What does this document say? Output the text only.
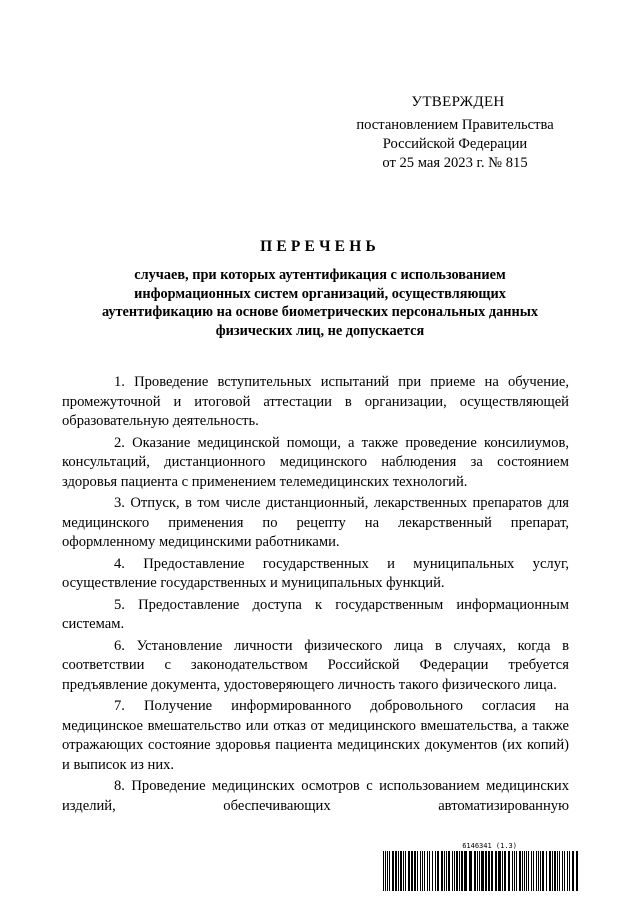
УТВЕРЖДЕН
постановлением Правительства
Российской Федерации
от 25 мая 2023 г. № 815
ПЕРЕЧЕНЬ
случаев, при которых аутентификация с использованием информационных систем организаций, осуществляющих аутентификацию на основе биометрических персональных данных физических лиц, не допускается

1. Проведение вступительных испытаний при приеме на обучение, промежуточной и итоговой аттестации в организации, осуществляющей образовательную деятельность.

2. Оказание медицинской помощи, а также проведение консилиумов, консультаций, дистанционного медицинского наблюдения за состоянием здоровья пациента с применением телемедицинских технологий.

3. Отпуск, в том числе дистанционный, лекарственных препаратов для медицинского применения по рецепту на лекарственный препарат, оформленному медицинскими работниками.

4. Предоставление государственных и муниципальных услуг, осуществление государственных и муниципальных функций.

5. Предоставление доступа к государственным информационным системам.

6. Установление личности физического лица в случаях, когда в соответствии с законодательством Российской Федерации требуется предъявление документа, удостоверяющего личность такого физического лица.

7. Получение информированного добровольного согласия на медицинское вмешательство или отказ от медицинского вмешательства, а также отражающих состояние здоровья пациента медицинских документов (их копий) и выписок из них.

8. Проведение медицинских осмотров с использованием медицинских изделий, обеспечивающих автоматизированную

6146341 (1.3)
